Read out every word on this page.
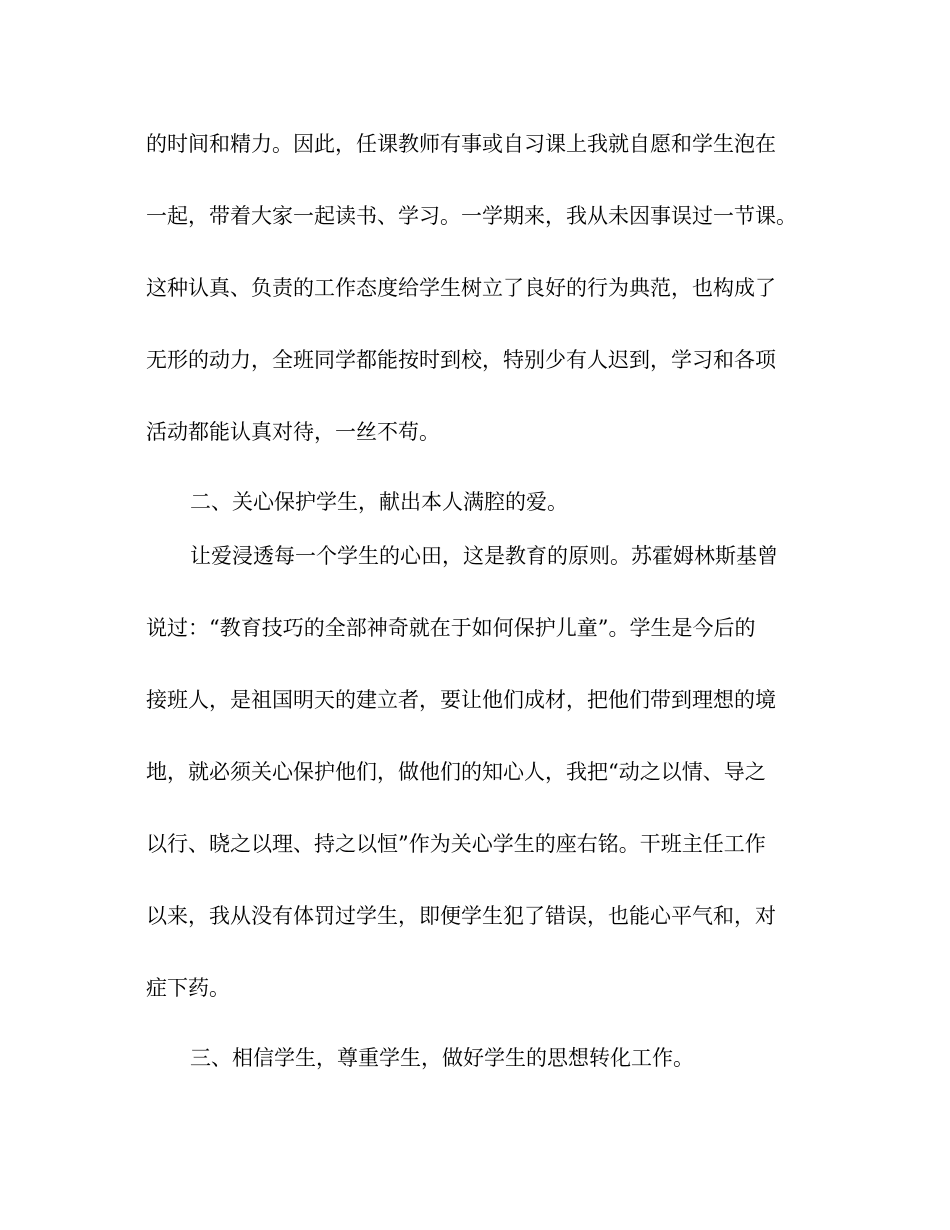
的时间和精力。因此，任课教师有事或自习课上我就自愿和学生泡在
一起，带着大家一起读书、学习。一学期来，我从未因事误过一节课。
这种认真、负责的工作态度给学生树立了良好的行为典范，也构成了
无形的动力，全班同学都能按时到校，特别少有人迟到，学习和各项
活动都能认真对待，一丝不苟。
二、关心保护学生，献出本人满腔的爱。
让爱浸透每一个学生的心田，这是教育的原则。苏霍姆林斯基曾
说过：“教育技巧的全部神奇就在于如何保护儿童”。学生是今后的
接班人，是祖国明天的建立者，要让他们成材，把他们带到理想的境
地，就必须关心保护他们，做他们的知心人，我把“动之以情、导之
以行、晓之以理、持之以恒”作为关心学生的座右铭。干班主任工作
以来，我从没有体罚过学生，即便学生犯了错误，也能心平气和，对
症下药。
三、相信学生，尊重学生，做好学生的思想转化工作。
